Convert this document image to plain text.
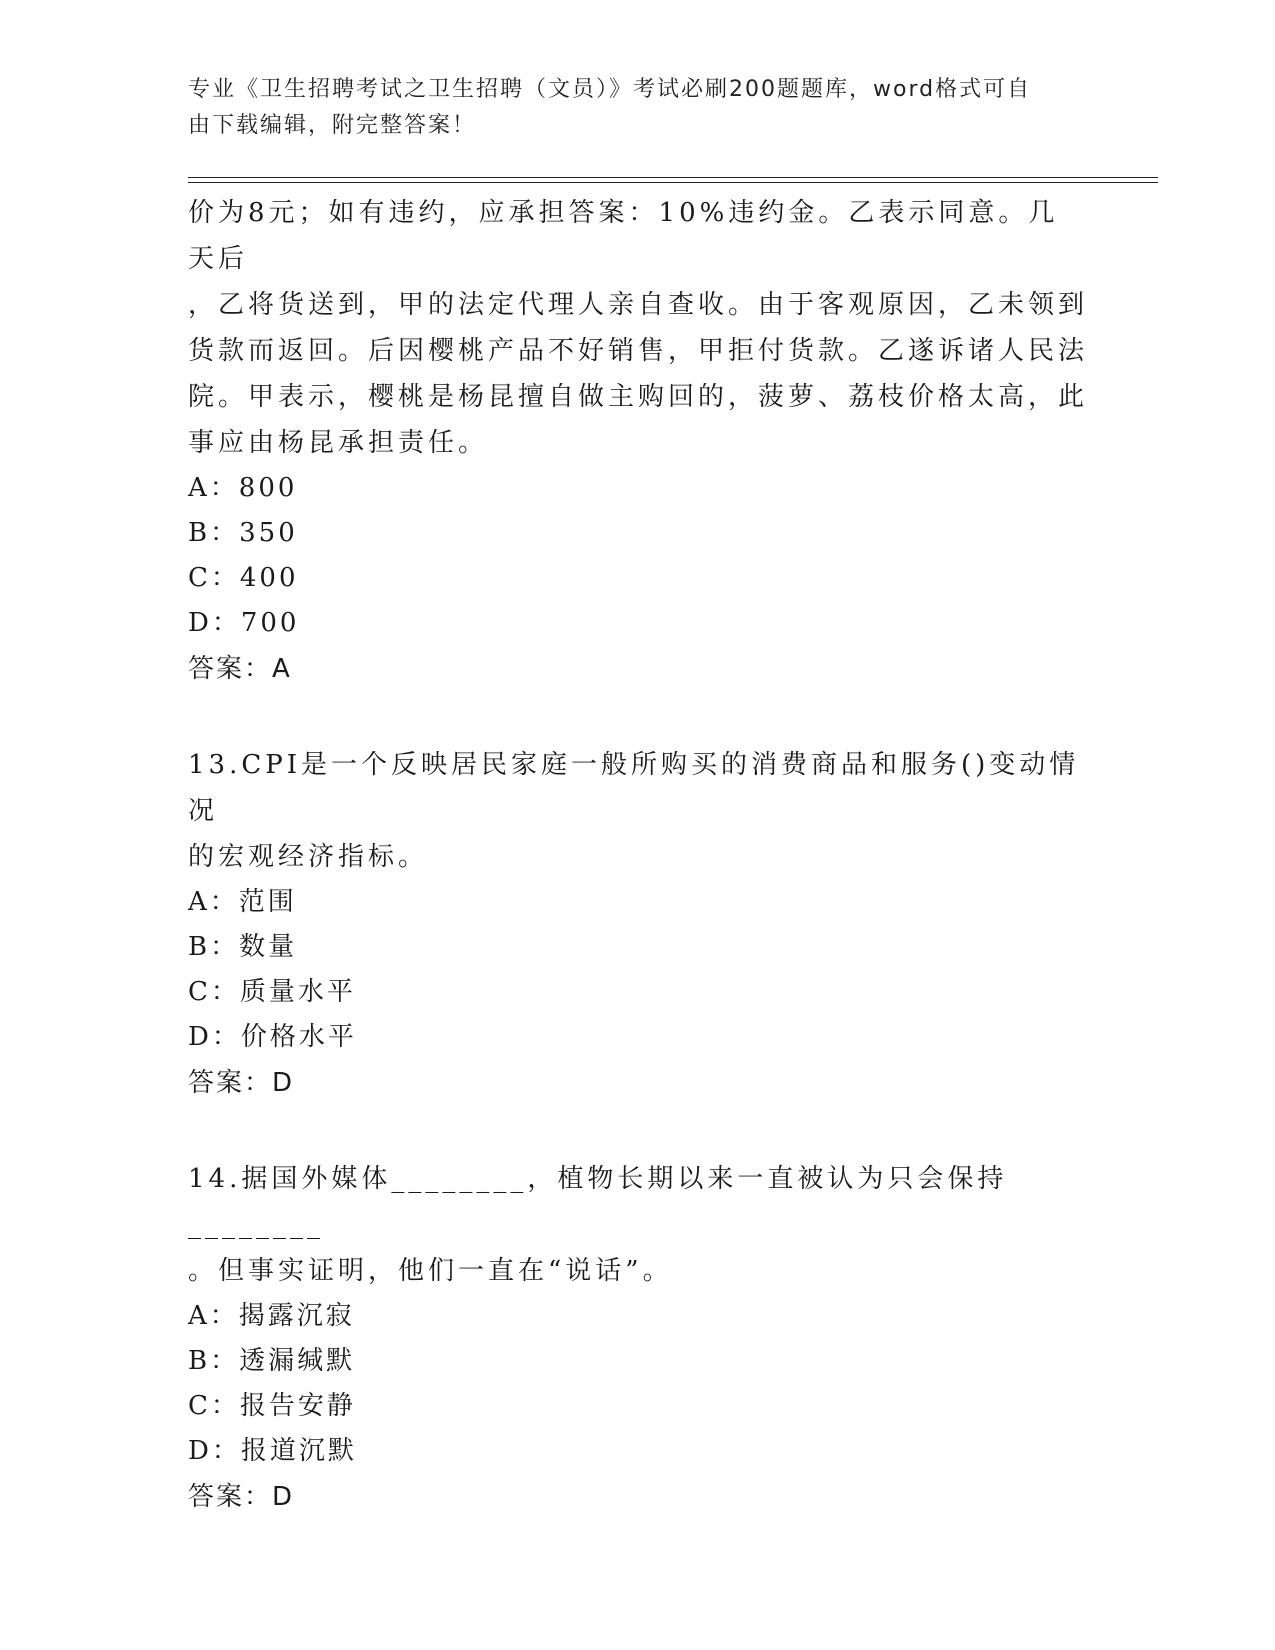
专业《卫生招聘考试之卫生招聘（文员）》考试必刷200题题库，word格式可自
由下载编辑，附完整答案！

价为8元；如有违约，应承担答案：10%违约金。乙表示同意。几天后

，乙将货送到，甲的法定代理人亲自查收。由于客观原因，乙未领到

货款而返回。后因樱桃产品不好销售，甲拒付货款。乙遂诉诸人民法

院。甲表示，樱桃是杨昆擅自做主购回的，菠萝、荔枝价格太高，此

事应由杨昆承担责任。

A：800

B：350

C：400

D：700

答案：A

13.CPI是一个反映居民家庭一般所购买的消费商品和服务()变动情况

的宏观经济指标。

A：范围

B：数量

C：质量水平

D：价格水平

答案：D

14.据国外媒体________，植物长期以来一直被认为只会保持________

。但事实证明，他们一直在“说话”。

A：揭露沉寂

B：透漏缄默

C：报告安静

D：报道沉默

答案：D
